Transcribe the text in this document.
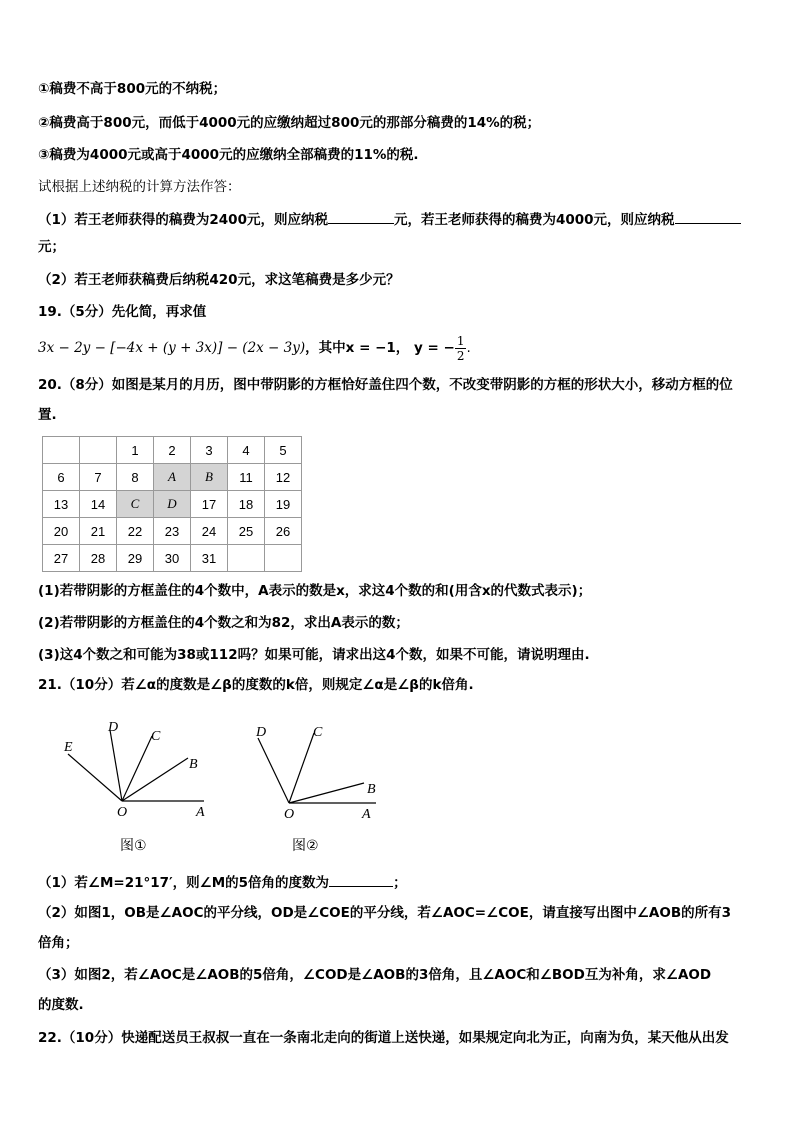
①稿费不高于800元的不纳税；
②稿费高于800元，而低于4000元的应缴纳超过800元的那部分稿费的14%的税；
③稿费为4000元或高于4000元的应缴纳全部稿费的11%的税.
试根据上述纳税的计算方法作答：
（1）若王老师获得的稿费为2400元，则应纳税	元，若王老师获得的稿费为4000元，则应纳税
元；
（2）若王老师获稿费后纳税420元，求这笔稿费是多少元？
19.（5分）先化简，再求值
3x − 2y − [−4x + (y + 3x)] − (2x − 3y)，其中x = −1， y = − $\frac{1}{2}$ .
20.（8分）如图是某月的月历，图中带阴影的方框恰好盖住四个数，不改变带阴影的方框的形状大小，移动方框的位
置.
		1	2	3	4	5
6	7	8	A	B	11	12
13	14	C	D	17	18	19
20	21	22	23	24	25	26
27	28	29	30	31		
(1)若带阴影的方框盖住的4个数中，A表示的数是x，求这4个数的和(用含x的代数式表示)；
(2)若带阴影的方框盖住的4个数之和为82，求出A表示的数；
(3)这4个数之和可能为38或112吗？如果可能，请求出这4个数，如果不可能，请说明理由.
21.（10分）若∠α的度数是∠β的度数的k倍，则规定∠α是∠β的k倍角.
E
D
C
B
O	A
图①
D	C
B
O	A
图②
（1）若∠M=21°17′，则∠M的5倍角的度数为	；
（2）如图1，OB是∠AOC的平分线，OD是∠COE的平分线，若∠AOC=∠COE，请直接写出图中∠AOB的所有3
倍角；
（3）如图2，若∠AOC是∠AOB的5倍角，∠COD是∠AOB的3倍角，且∠AOC和∠BOD互为补角，求∠AOD
的度数.
22.（10分）快递配送员王叔叔一直在一条南北走向的街道上送快递，如果规定向北为正，向南为负，某天他从出发
